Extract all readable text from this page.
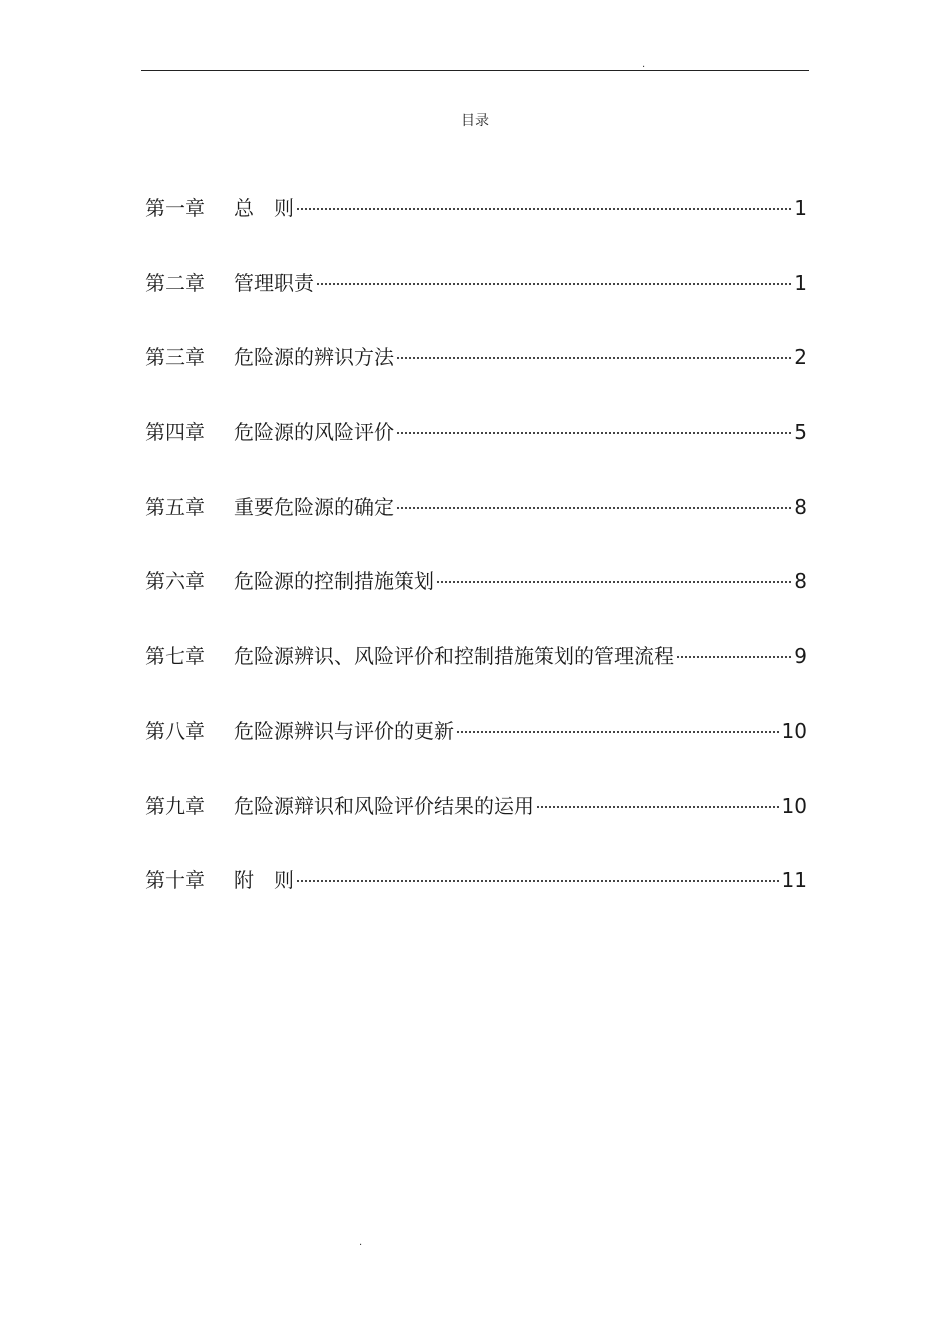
.
目录
第一章	总　则	1
第二章	管理职责	1
第三章	危险源的辨识方法	2
第四章	危险源的风险评价	5
第五章	重要危险源的确定	8
第六章	危险源的控制措施策划	8
第七章	危险源辨识、风险评价和控制措施策划的管理流程	9
第八章	危险源辨识与评价的更新	10
第九章	危险源辩识和风险评价结果的运用	10
第十章	附　则	11
.
